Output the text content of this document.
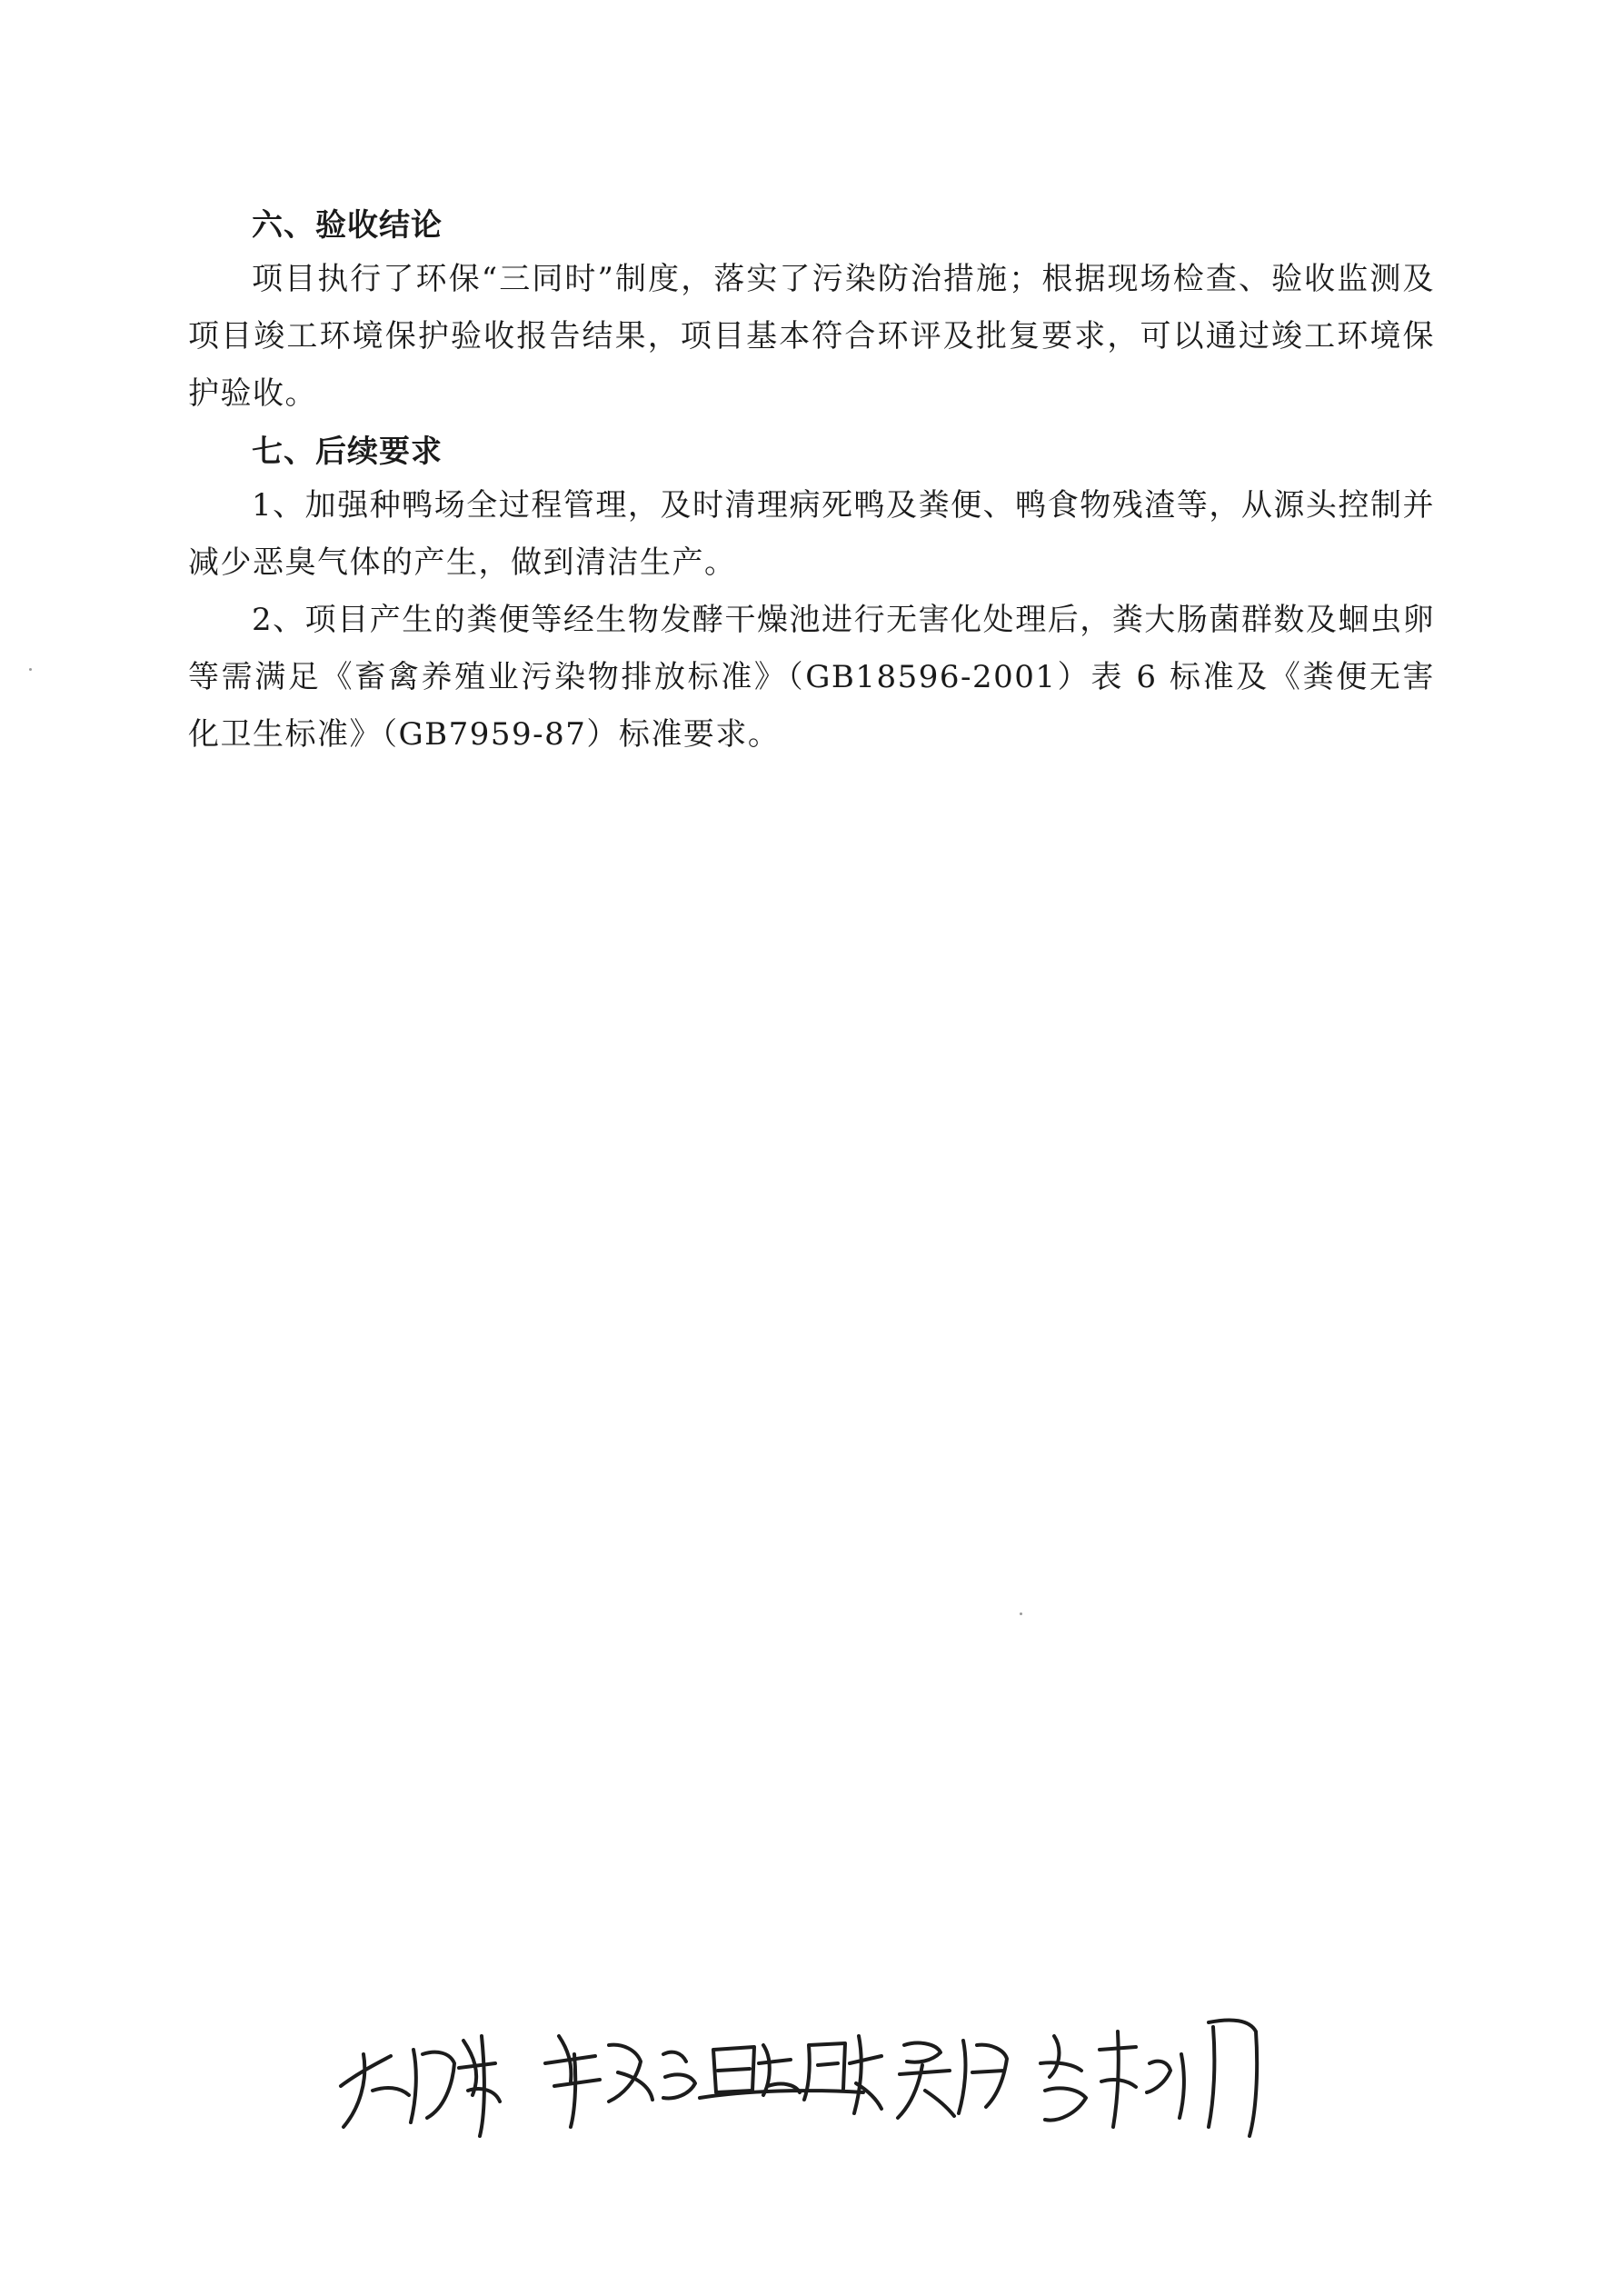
六、验收结论

项目执行了环保“三同时”制度，落实了污染防治措施；根据现场检查、验收监测及项目竣工环境保护验收报告结果，项目基本符合环评及批复要求，可以通过竣工环境保护验收。

七、后续要求

1、加强种鸭场全过程管理，及时清理病死鸭及粪便、鸭食物残渣等，从源头控制并减少恶臭气体的产生，做到清洁生产。

2、项目产生的粪便等经生物发酵干燥池进行无害化处理后，粪大肠菌群数及蛔虫卵等需满足《畜禽养殖业污染物排放标准》（GB18596-2001）表 6 标准及《粪便无害化卫生标准》（GB7959-87）标准要求。
